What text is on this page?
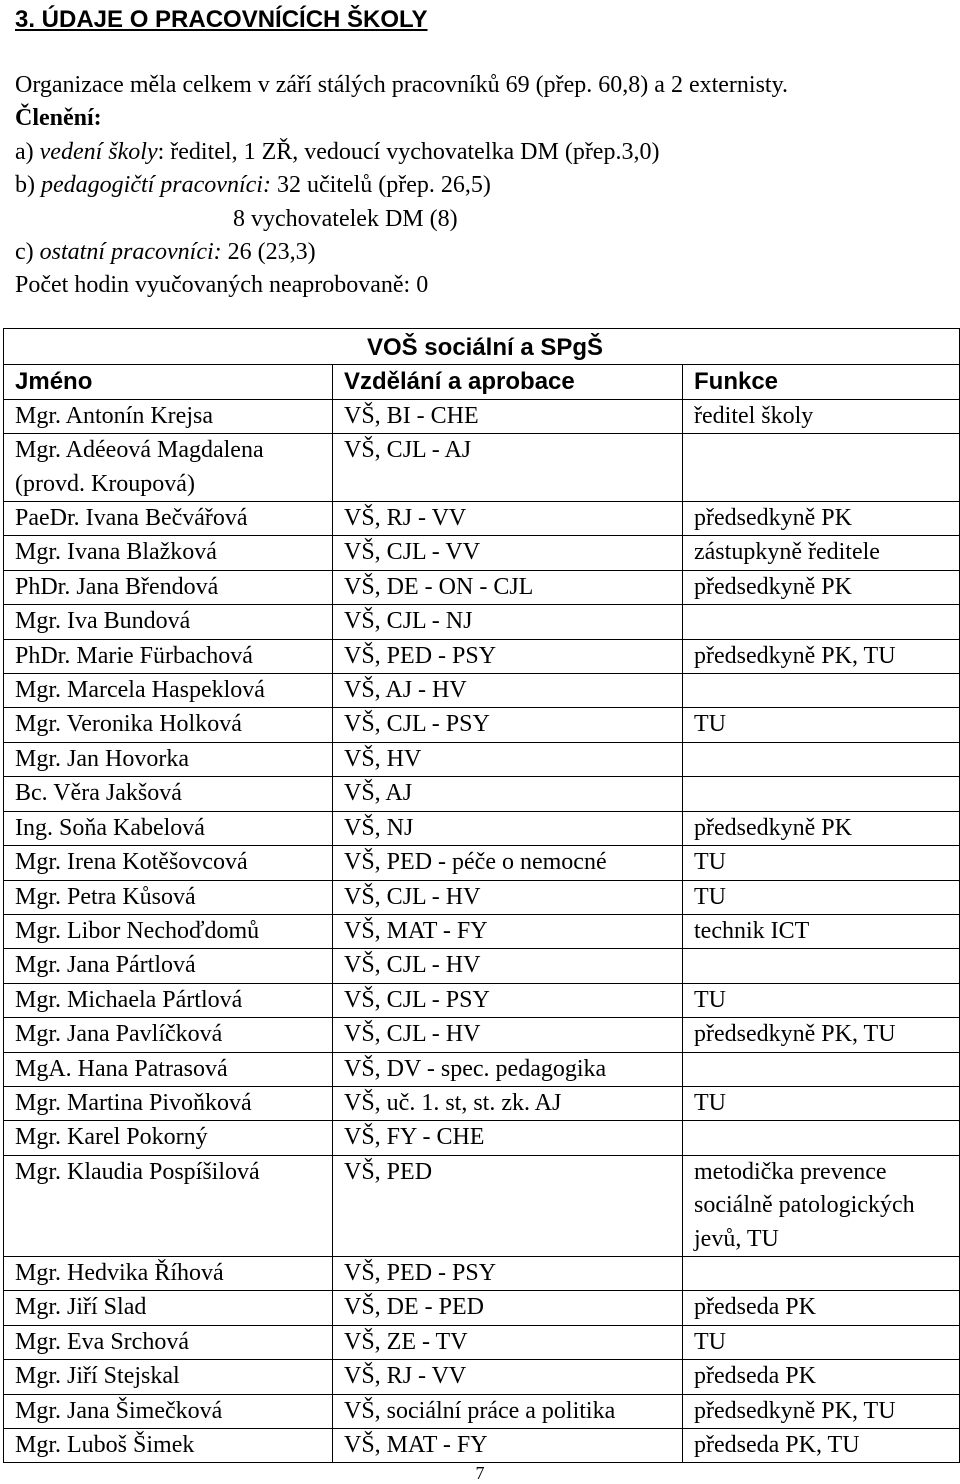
3. ÚDAJE O PRACOVNÍCÍCH ŠKOLY
Organizace měla celkem v září stálých pracovníků 69 (přep. 60,8) a 2 externisty.
Členění:
a) vedení školy: ředitel, 1 ZŘ, vedoucí vychovatelka DM (přep.3,0)
b) pedagogičtí pracovníci: 32 učitelů (přep. 26,5)
8 vychovatelek DM (8)
c) ostatní pracovníci: 26 (23,3)
Počet hodin vyučovaných neaprobovaně: 0
VOŠ sociální a SPgŠ		
Jméno	Vzdělání a aprobace	Funkce
Mgr. Antonín Krejsa	VŠ, BI - CHE	ředitel školy
Mgr. Adéeová Magdalena (provd. Kroupová)	VŠ, CJL - AJ	
PaeDr. Ivana Bečvářová	VŠ, RJ - VV	předsedkyně PK
Mgr. Ivana Blažková	VŠ, CJL - VV	zástupkyně ředitele
PhDr. Jana Břendová	VŠ, DE - ON - CJL	předsedkyně PK
Mgr. Iva Bundová	VŠ, CJL - NJ	
PhDr. Marie Fürbachová	VŠ, PED - PSY	předsedkyně PK, TU
Mgr. Marcela Haspeklová	VŠ, AJ - HV	
Mgr. Veronika Holková	VŠ, CJL - PSY	TU
Mgr. Jan Hovorka	VŠ, HV	
Bc. Věra Jakšová	VŠ, AJ	
Ing. Soňa Kabelová	VŠ, NJ	předsedkyně PK
Mgr. Irena Kotěšovcová	VŠ, PED - péče o nemocné	TU
Mgr. Petra Kůsová	VŠ, CJL - HV	TU
Mgr. Libor Nechoďdomů	VŠ, MAT - FY	technik ICT
Mgr. Jana Pártlová	VŠ, CJL - HV	
Mgr. Michaela Pártlová	VŠ, CJL - PSY	TU
Mgr. Jana Pavlíčková	VŠ, CJL - HV	předsedkyně PK, TU
MgA. Hana Patrasová	VŠ, DV - spec. pedagogika	
Mgr. Martina Pivoňková	VŠ, uč. 1. st, st. zk. AJ	TU
Mgr. Karel Pokorný	VŠ, FY - CHE	
Mgr. Klaudia Pospíšilová	VŠ, PED	metodička prevence sociálně patologických jevů, TU
Mgr. Hedvika Říhová	VŠ, PED - PSY	
Mgr. Jiří Slad	VŠ, DE - PED	předseda PK
Mgr. Eva Srchová	VŠ, ZE - TV	TU
Mgr. Jiří Stejskal	VŠ, RJ - VV	předseda PK
Mgr. Jana Šimečková	VŠ, sociální práce a politika	předsedkyně PK, TU
Mgr. Luboš Šimek	VŠ, MAT - FY	předseda PK, TU
7
